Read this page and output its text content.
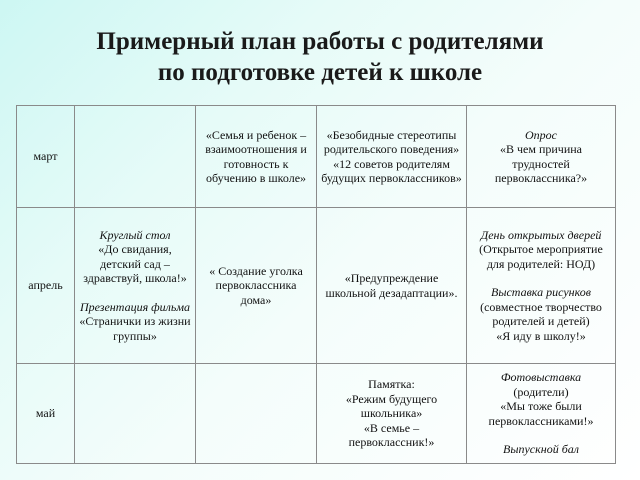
Примерный план работы с родителями
по подготовке детей к школе
март		«Семья и ребенок – взаимоотношения и готовность к обучению в школе»	«Безобидные стереотипы родительского поведения»
«12 советов родителям будущих первоклассников»	Опрос
«В чем причина трудностей первоклассника?»

апрель	Круглый стол
«До свидания, детский сад – здравствуй, школа!»
Презентация фильма
«Странички из жизни группы»	« Создание уголка первоклассника дома»	«Предупреждение школьной дезадаптации».	День открытых дверей
(Открытое мероприятие для родителей: НОД)
Выставка рисунков
(совместное творчество родителей и детей)
«Я иду в школу!»

май			Памятка:
«Режим будущего школьника»
«В семье – первоклассник!»	Фотовыставка
(родители)
«Мы тоже были первоклассниками!»
Выпускной бал
